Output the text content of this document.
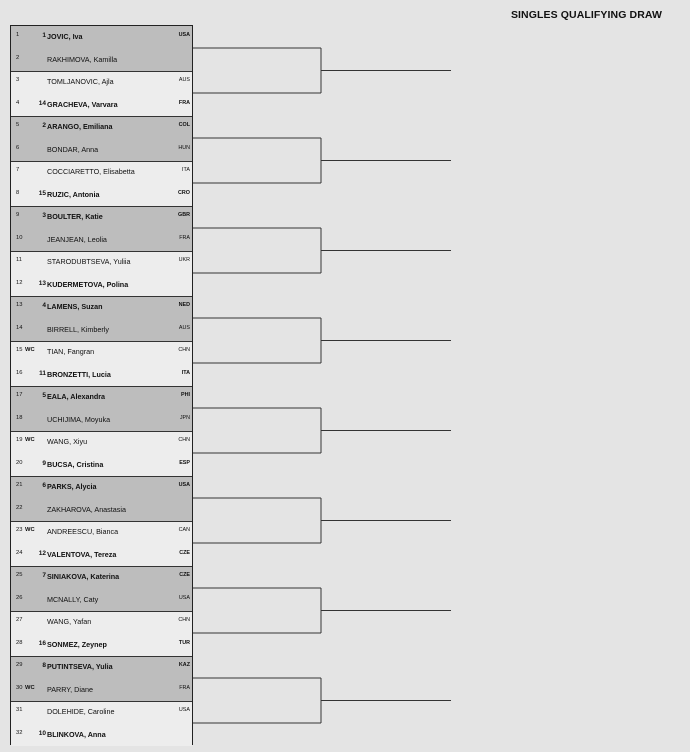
SINGLES QUALIFYING DRAW
1	1 JOVIC, Iva	USA
2	RAKHIMOVA, Kamilla
3	TOMLJANOVIC, Ajla	AUS
4	14 GRACHEVA, Varvara	FRA
5	2 ARANGO, Emiliana	COL
6	BONDAR, Anna	HUN
7	COCCIARETTO, Elisabetta	ITA
8	15 RUZIC, Antonia	CRO
9	3 BOULTER, Katie	GBR
10	JEANJEAN, Leolia	FRA
11	STARODUBTSEVA, Yuliia	UKR
12	13 KUDERMETOVA, Polina
13	4 LAMENS, Suzan	NED
14	BIRRELL, Kimberly	AUS
15 WC TIAN, Fangran	CHN
16	11 BRONZETTI, Lucia	ITA
17	5 EALA, Alexandra	PHI
18	UCHIJIMA, Moyuka	JPN
19 WC WANG, Xiyu	CHN
20	9 BUCSA, Cristina	ESP
21	6 PARKS, Alycia	USA
22	ZAKHAROVA, Anastasia
23 WC ANDREESCU, Bianca	CAN
24	12 VALENTOVA, Tereza	CZE
25	7 SINIAKOVA, Katerina	CZE
26	MCNALLY, Caty	USA
27	WANG, Yafan	CHN
28	16 SONMEZ, Zeynep	TUR
29	8 PUTINTSEVA, Yulia	KAZ
30 WC PARRY, Diane	FRA
31	DOLEHIDE, Caroline	USA
32	10 BLINKOVA, Anna
